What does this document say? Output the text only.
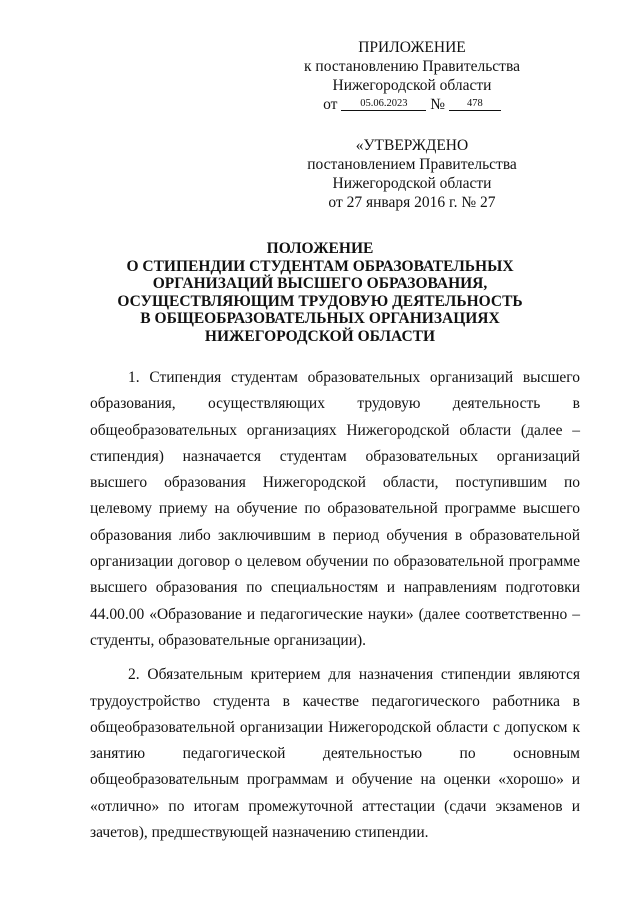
ПРИЛОЖЕНИЕ
к постановлению Правительства
Нижегородской области
от 05.06.2023 № 478
«УТВЕРЖДЕНО
постановлением Правительства
Нижегородской области
от 27 января 2016 г. № 27
ПОЛОЖЕНИЕ
О СТИПЕНДИИ СТУДЕНТАМ ОБРАЗОВАТЕЛЬНЫХ
ОРГАНИЗАЦИЙ ВЫСШЕГО ОБРАЗОВАНИЯ,
ОСУЩЕСТВЛЯЮЩИМ ТРУДОВУЮ ДЕЯТЕЛЬНОСТЬ
В ОБЩЕОБРАЗОВАТЕЛЬНЫХ ОРГАНИЗАЦИЯХ
НИЖЕГОРОДСКОЙ ОБЛАСТИ

1. Стипендия студентам образовательных организаций высшего образования, осуществляющих трудовую деятельность в общеобразовательных организациях Нижегородской области (далее – стипендия) назначается студентам образовательных организаций высшего образования Нижегородской области, поступившим по целевому приему на обучение по образовательной программе высшего образования либо заключившим в период обучения в образовательной организации договор о целевом обучении по образовательной программе высшего образования по специальностям и направлениям подготовки 44.00.00 «Образование и педагогические науки» (далее соответственно – студенты, образовательные организации).

2. Обязательным критерием для назначения стипендии являются трудоустройство студента в качестве педагогического работника в общеобразовательной организации Нижегородской области с допуском к занятию педагогической деятельностью по основным общеобразовательным программам и обучение на оценки «хорошо» и «отлично» по итогам промежуточной аттестации (сдачи экзаменов и зачетов), предшествующей назначению стипендии.
